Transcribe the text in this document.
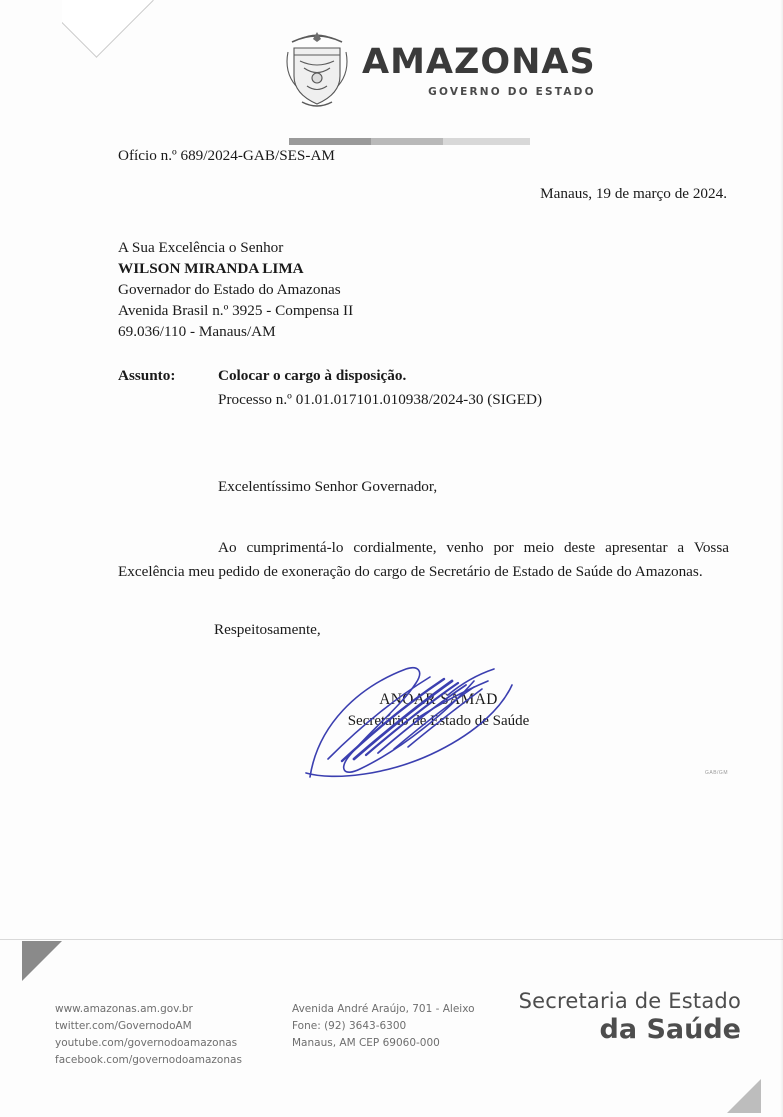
AMAZONAS
GOVERNO DO ESTADO
Ofício n.º 689/2024-GAB/SES-AM
Manaus, 19 de março de 2024.
A Sua Excelência o Senhor
WILSON MIRANDA LIMA
Governador do Estado do Amazonas
Avenida Brasil n.º 3925 - Compensa II
69.036/110 - Manaus/AM
Assunto:	Colocar o cargo à disposição.
Processo n.º 01.01.017101.010938/2024-30 (SIGED)
Excelentíssimo Senhor Governador,
Ao cumprimentá-lo cordialmente, venho por meio deste apresentar a Vossa Excelência meu pedido de exoneração do cargo de Secretário de Estado de Saúde do Amazonas.
Respeitosamente,
ANOAR SAMAD
Secretário de Estado de Saúde
GAB/GM
www.amazonas.am.gov.br
twitter.com/GovernodoAM
youtube.com/governodoamazonas
facebook.com/governodoamazonas
Avenida André Araújo, 701 - Aleixo
Fone: (92) 3643-6300
Manaus, AM CEP 69060-000
Secretaria de Estado
da Saúde
